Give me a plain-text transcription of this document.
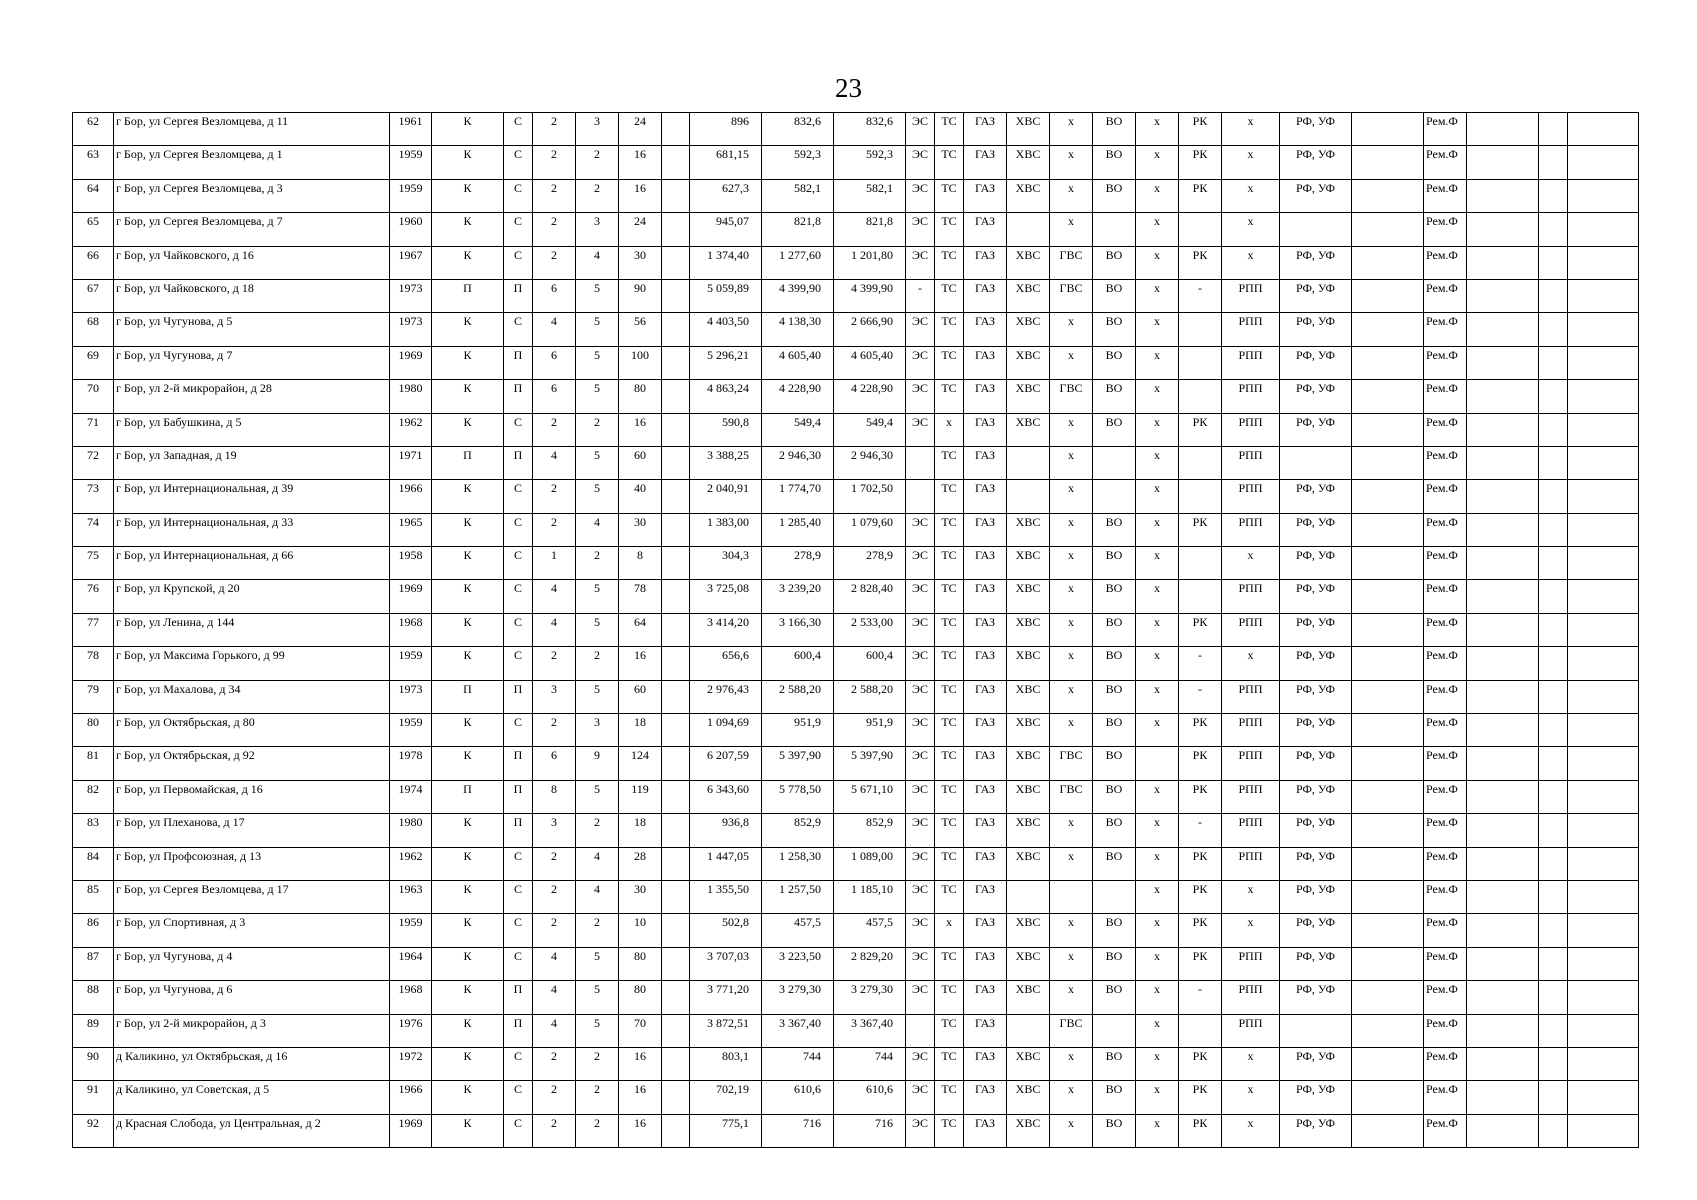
23
62	г Бор, ул Сергея Везломцева, д 11	1961	К	С	2	3	24		896	832,6	832,6	ЭС	ТС	ГАЗ	ХВС	х	ВО	х	РК	х	РФ, УФ		Рем.Ф			
63	г Бор, ул Сергея Везломцева, д 1	1959	К	С	2	2	16		681,15	592,3	592,3	ЭС	ТС	ГАЗ	ХВС	х	ВО	х	РК	х	РФ, УФ		Рем.Ф			
64	г Бор, ул Сергея Везломцева, д 3	1959	К	С	2	2	16		627,3	582,1	582,1	ЭС	ТС	ГАЗ	ХВС	х	ВО	х	РК	х	РФ, УФ		Рем.Ф			
65	г Бор, ул Сергея Везломцева, д 7	1960	К	С	2	3	24		945,07	821,8	821,8	ЭС	ТС	ГАЗ		х		х		х			Рем.Ф			
66	г Бор, ул Чайковского, д 16	1967	К	С	2	4	30		1 374,40	1 277,60	1 201,80	ЭС	ТС	ГАЗ	ХВС	ГВС	ВО	х	РК	х	РФ, УФ		Рем.Ф			
67	г Бор, ул Чайковского, д 18	1973	П	П	6	5	90		5 059,89	4 399,90	4 399,90	-	ТС	ГАЗ	ХВС	ГВС	ВО	х	-	РПП	РФ, УФ		Рем.Ф			
68	г Бор, ул Чугунова, д 5	1973	К	С	4	5	56		4 403,50	4 138,30	2 666,90	ЭС	ТС	ГАЗ	ХВС	х	ВО	х		РПП	РФ, УФ		Рем.Ф			
69	г Бор, ул Чугунова, д 7	1969	К	П	6	5	100		5 296,21	4 605,40	4 605,40	ЭС	ТС	ГАЗ	ХВС	х	ВО	х		РПП	РФ, УФ		Рем.Ф			
70	г Бор, ул 2-й микрорайон, д 28	1980	К	П	6	5	80		4 863,24	4 228,90	4 228,90	ЭС	ТС	ГАЗ	ХВС	ГВС	ВО	х		РПП	РФ, УФ		Рем.Ф			
71	г Бор, ул Бабушкина, д 5	1962	К	С	2	2	16		590,8	549,4	549,4	ЭС	х	ГАЗ	ХВС	х	ВО	х	РК	РПП	РФ, УФ		Рем.Ф			
72	г Бор, ул Западная, д 19	1971	П	П	4	5	60		3 388,25	2 946,30	2 946,30		ТС	ГАЗ		х		х		РПП			Рем.Ф			
73	г Бор, ул Интернациональная, д 39	1966	К	С	2	5	40		2 040,91	1 774,70	1 702,50		ТС	ГАЗ		х		х		РПП	РФ, УФ		Рем.Ф			
74	г Бор, ул Интернациональная, д 33	1965	К	С	2	4	30		1 383,00	1 285,40	1 079,60	ЭС	ТС	ГАЗ	ХВС	х	ВО	х	РК	РПП	РФ, УФ		Рем.Ф			
75	г Бор, ул Интернациональная, д 66	1958	К	С	1	2	8		304,3	278,9	278,9	ЭС	ТС	ГАЗ	ХВС	х	ВО	х		х	РФ, УФ		Рем.Ф			
76	г Бор, ул Крупской, д 20	1969	К	С	4	5	78		3 725,08	3 239,20	2 828,40	ЭС	ТС	ГАЗ	ХВС	х	ВО	х		РПП	РФ, УФ		Рем.Ф			
77	г Бор, ул Ленина, д 144	1968	К	С	4	5	64		3 414,20	3 166,30	2 533,00	ЭС	ТС	ГАЗ	ХВС	х	ВО	х	РК	РПП	РФ, УФ		Рем.Ф			
78	г Бор, ул Максима Горького, д 99	1959	К	С	2	2	16		656,6	600,4	600,4	ЭС	ТС	ГАЗ	ХВС	х	ВО	х	-	х	РФ, УФ		Рем.Ф			
79	г Бор, ул Махалова, д 34	1973	П	П	3	5	60		2 976,43	2 588,20	2 588,20	ЭС	ТС	ГАЗ	ХВС	х	ВО	х	-	РПП	РФ, УФ		Рем.Ф			
80	г Бор, ул Октябрьская, д 80	1959	К	С	2	3	18		1 094,69	951,9	951,9	ЭС	ТС	ГАЗ	ХВС	х	ВО	х	РК	РПП	РФ, УФ		Рем.Ф			
81	г Бор, ул Октябрьская, д 92	1978	К	П	6	9	124		6 207,59	5 397,90	5 397,90	ЭС	ТС	ГАЗ	ХВС	ГВС	ВО		РК	РПП	РФ, УФ		Рем.Ф			
82	г Бор, ул Первомайская, д 16	1974	П	П	8	5	119		6 343,60	5 778,50	5 671,10	ЭС	ТС	ГАЗ	ХВС	ГВС	ВО	х	РК	РПП	РФ, УФ		Рем.Ф			
83	г Бор, ул Плеханова, д 17	1980	К	П	3	2	18		936,8	852,9	852,9	ЭС	ТС	ГАЗ	ХВС	х	ВО	х	-	РПП	РФ, УФ		Рем.Ф			
84	г Бор, ул Профсоюзная, д 13	1962	К	С	2	4	28		1 447,05	1 258,30	1 089,00	ЭС	ТС	ГАЗ	ХВС	х	ВО	х	РК	РПП	РФ, УФ		Рем.Ф			
85	г Бор, ул Сергея Везломцева, д 17	1963	К	С	2	4	30		1 355,50	1 257,50	1 185,10	ЭС	ТС	ГАЗ				х	РК	х	РФ, УФ		Рем.Ф			
86	г Бор, ул Спортивная, д 3	1959	К	С	2	2	10		502,8	457,5	457,5	ЭС	х	ГАЗ	ХВС	х	ВО	х	РК	х	РФ, УФ		Рем.Ф			
87	г Бор, ул Чугунова, д 4	1964	К	С	4	5	80		3 707,03	3 223,50	2 829,20	ЭС	ТС	ГАЗ	ХВС	х	ВО	х	РК	РПП	РФ, УФ		Рем.Ф			
88	г Бор, ул Чугунова, д 6	1968	К	П	4	5	80		3 771,20	3 279,30	3 279,30	ЭС	ТС	ГАЗ	ХВС	х	ВО	х	-	РПП	РФ, УФ		Рем.Ф			
89	г Бор, ул 2-й микрорайон, д 3	1976	К	П	4	5	70		3 872,51	3 367,40	3 367,40		ТС	ГАЗ		ГВС		х		РПП			Рем.Ф			
90	д Каликино, ул Октябрьская, д 16	1972	К	С	2	2	16		803,1	744	744	ЭС	ТС	ГАЗ	ХВС	х	ВО	х	РК	х	РФ, УФ		Рем.Ф			
91	д Каликино, ул Советская, д 5	1966	К	С	2	2	16		702,19	610,6	610,6	ЭС	ТС	ГАЗ	ХВС	х	ВО	х	РК	х	РФ, УФ		Рем.Ф			
92	д Красная Слобода, ул Центральная, д 2	1969	К	С	2	2	16		775,1	716	716	ЭС	ТС	ГАЗ	ХВС	х	ВО	х	РК	х	РФ, УФ		Рем.Ф			
